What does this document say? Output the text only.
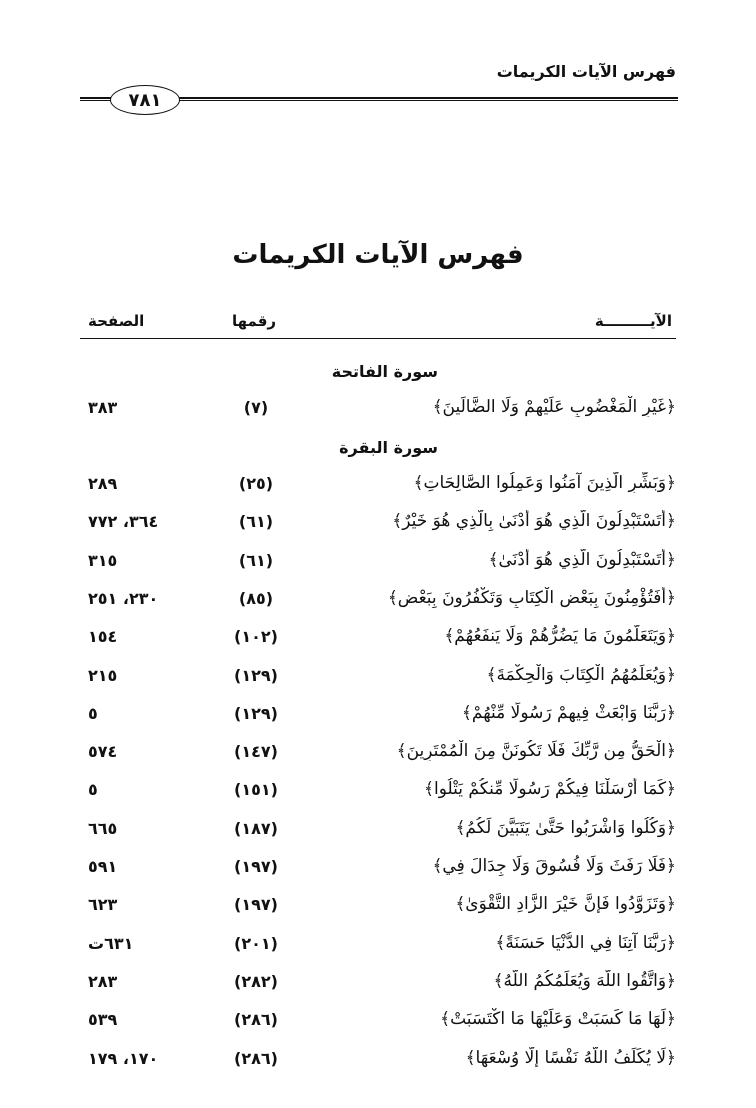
فهرس الآيات الكريمات
٧٨١
فهرس الآيات الكريمات
الآيـــــــــة
رقمها
الصفحة
سورة الفاتحة
﴿غَيْرِ الْمَغْضُوبِ عَلَيْهِمْ وَلَا الضَّالِّينَ﴾
(٧)
٣٨٣
سورة البقرة
﴿وَبَشِّرِ الَّذِينَ آمَنُوا وَعَمِلُوا الصَّالِحَاتِ﴾
(٢٥)
٢٨٩
﴿أَتَسْتَبْدِلُونَ الَّذِي هُوَ أَدْنَىٰ بِالَّذِي هُوَ خَيْرٌ﴾
(٦١)
٣٦٤، ٧٧٢
﴿أَتَسْتَبْدِلُونَ الَّذِي هُوَ أَدْنَىٰ﴾
(٦١)
٣١٥
﴿أَفَتُؤْمِنُونَ بِبَعْضِ الْكِتَابِ وَتَكْفُرُونَ بِبَعْضٍ﴾
(٨٥)
٢٣٠، ٢٥١
﴿وَيَتَعَلَّمُونَ مَا يَضُرُّهُمْ وَلَا يَنفَعُهُمْ﴾
(١٠٢)
١٥٤
﴿وَيُعَلِّمُهُمُ الْكِتَابَ وَالْحِكْمَةَ﴾
(١٢٩)
٢١٥
﴿رَبَّنَا وَابْعَثْ فِيهِمْ رَسُولًا مِّنْهُمْ﴾
(١٢٩)
٥
﴿الْحَقُّ مِن رَّبِّكَ فَلَا تَكُونَنَّ مِنَ الْمُمْتَرِينَ﴾
(١٤٧)
٥٧٤
﴿كَمَا أَرْسَلْنَا فِيكُمْ رَسُولًا مِّنكُمْ يَتْلُوا﴾
(١٥١)
٥
﴿وَكُلُوا وَاشْرَبُوا حَتَّىٰ يَتَبَيَّنَ لَكُمُ﴾
(١٨٧)
٦٦٥
﴿فَلَا رَفَثَ وَلَا فُسُوقَ وَلَا جِدَالَ فِي﴾
(١٩٧)
٥٩١
﴿وَتَزَوَّدُوا فَإِنَّ خَيْرَ الزَّادِ التَّقْوَىٰ﴾
(١٩٧)
٦٢٣
﴿رَبَّنَا آتِنَا فِي الدُّنْيَا حَسَنَةً﴾
(٢٠١)
٦٣١ت
﴿وَاتَّقُوا اللَّهَ وَيُعَلِّمُكُمُ اللَّهُ﴾
(٢٨٢)
٢٨٣
﴿لَهَا مَا كَسَبَتْ وَعَلَيْهَا مَا اكْتَسَبَتْ﴾
(٢٨٦)
٥٣٩
﴿لَا يُكَلِّفُ اللَّهُ نَفْسًا إِلَّا وُسْعَهَا﴾
(٢٨٦)
١٧٠، ١٧٩
